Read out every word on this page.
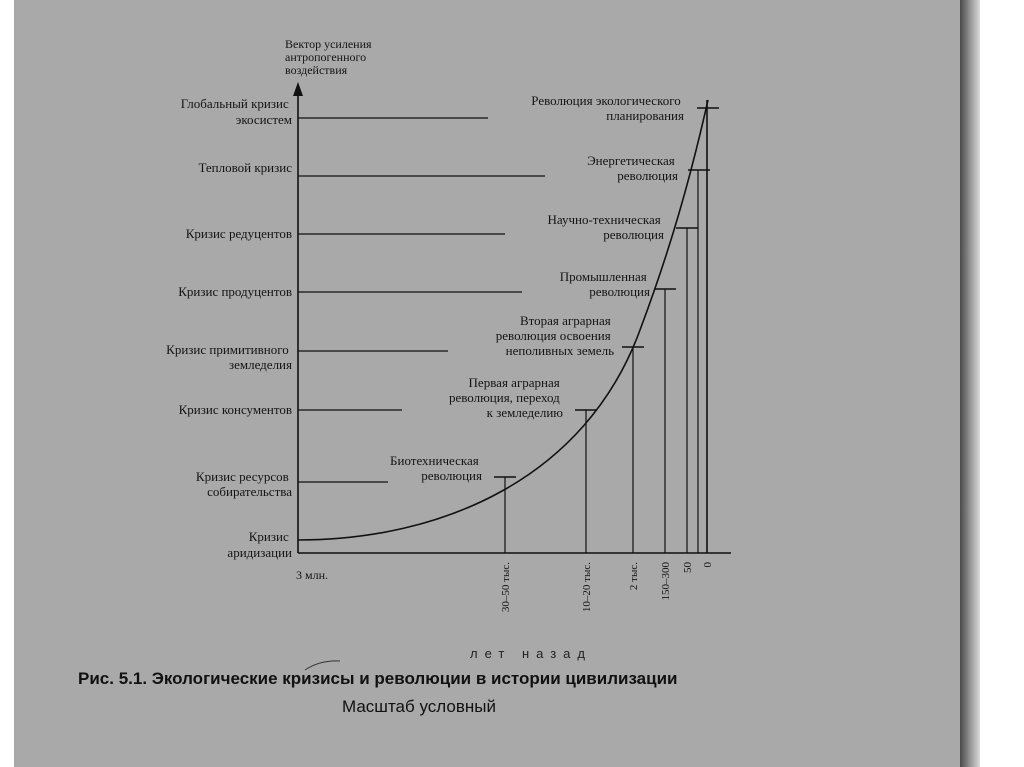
Вектор усиления антропогенного воздействия
Глобальный кризис экосистем
Тепловой кризис
Кризис редуцентов
Кризис продуцентов
Кризис примитивного земледелия
Кризис консументов
Кризис ресурсов собирательства
Кризис аридизации
Революция экологического планирования
Энергетическая революция
Научно-техническая революция
Промышленная революция
Вторая аграрная революция освоения неполивных земель
Первая аграрная революция, переход к земледелию
Биотехническая революция
3 млн.	30–50 тыс.	10–20 тыс.	2 тыс. 150–300 50 0
лет назад
Рис. 5.1. Экологические кризисы и революции в истории цивилизации
Масштаб условный
